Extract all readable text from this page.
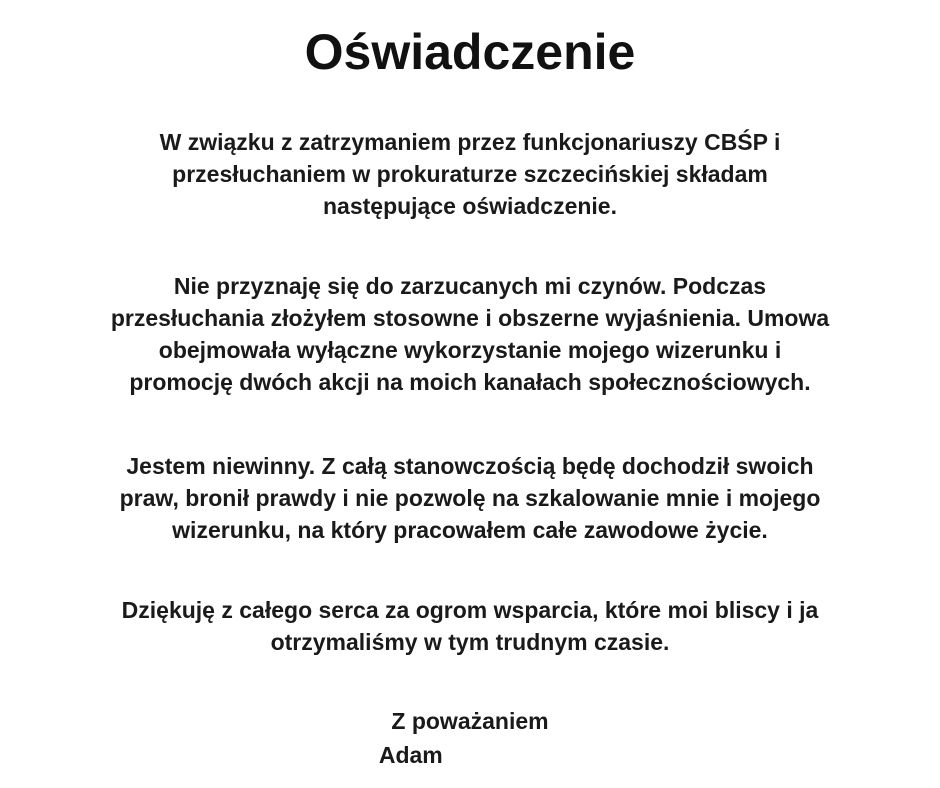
Oświadczenie

W związku z zatrzymaniem przez funkcjonariuszy CBŚP i
przesłuchaniem w prokuraturze szczecińskiej składam
następujące oświadczenie.

Nie przyznaję się do zarzucanych mi czynów. Podczas
przesłuchania złożyłem stosowne i obszerne wyjaśnienia. Umowa
obejmowała wyłączne wykorzystanie mojego wizerunku i
promocję dwóch akcji na moich kanałach społecznościowych.

Jestem niewinny. Z całą stanowczością będę dochodził swoich
praw, bronił prawdy i nie pozwolę na szkalowanie mnie i mojego
wizerunku, na który pracowałem całe zawodowe życie.

Dziękuję z całego serca za ogrom wsparcia, które moi bliscy i ja
otrzymaliśmy w tym trudnym czasie.

Z poważaniem
Adam
